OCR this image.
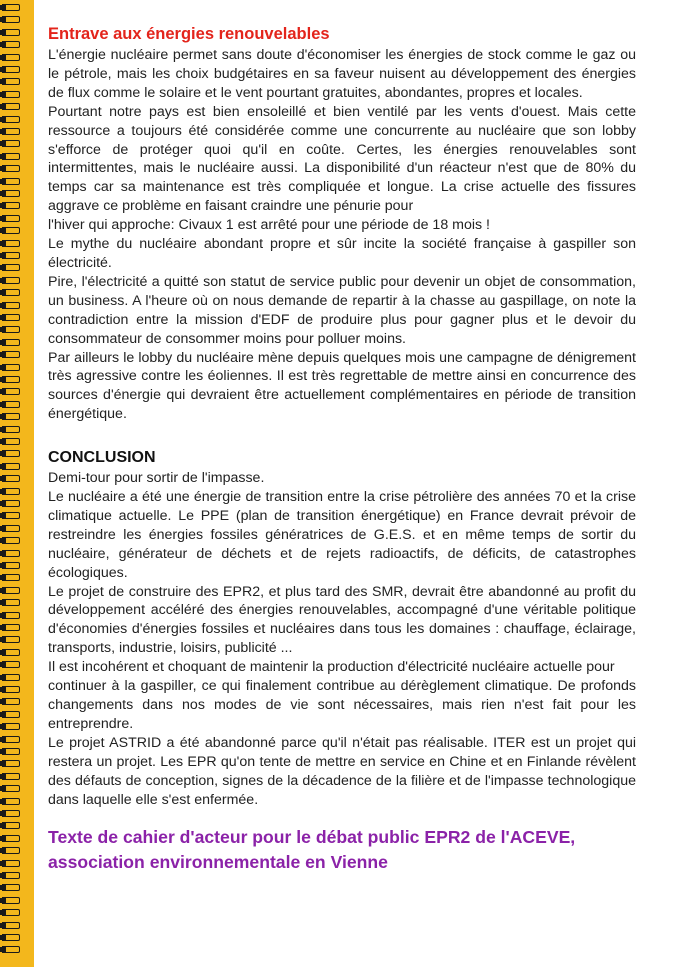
Entrave aux énergies renouvelables

L'énergie nucléaire permet sans doute d'économiser les énergies de stock comme le gaz ou le pétrole, mais les choix budgétaires en sa faveur nuisent au développement des énergies de flux comme le solaire et le vent pourtant gratuites, abondantes, propres et locales.

Pourtant notre pays est bien ensoleillé et bien ventilé par les vents d'ouest. Mais cette ressource a toujours été considérée comme une concurrente au nucléaire que son lobby s'efforce de protéger quoi qu'il en coûte. Certes, les énergies renouvelables sont intermittentes, mais le nucléaire aussi. La disponibilité d'un réacteur n'est que de 80% du temps car sa maintenance est très compliquée et longue. La crise actuelle des fissures aggrave ce problème en faisant craindre une pénurie pour

l'hiver qui approche: Civaux 1 est arrêté pour une période de 18 mois !

Le mythe du nucléaire abondant propre et sûr incite la société française à gaspiller son électricité.

Pire, l'électricité a quitté son statut de service public pour devenir un objet de consommation, un business. A l'heure où on nous demande de repartir à la chasse au gaspillage, on note la contradiction entre la mission d'EDF de produire plus pour gagner plus et le devoir du consommateur de consommer moins pour polluer moins.

Par ailleurs le lobby du nucléaire mène depuis quelques mois une campagne de dénigrement très agressive contre les éoliennes. Il est très regrettable de mettre ainsi en concurrence des sources d'énergie qui devraient être actuellement complémentaires en période de transition énergétique.

CONCLUSION

Demi-tour pour sortir de l'impasse.

Le nucléaire a été une énergie de transition entre la crise pétrolière des années 70 et la crise climatique actuelle. Le PPE (plan de transition énergétique) en France devrait prévoir de restreindre les énergies fossiles génératrices de G.E.S. et en même temps de sortir du nucléaire, générateur de déchets et de rejets radioactifs, de déficits, de catastrophes écologiques.

Le projet de construire des EPR2, et plus tard des SMR, devrait être abandonné au profit du développement accéléré des énergies renouvelables, accompagné d'une véritable politique d'économies d'énergies fossiles et nucléaires dans tous les domaines : chauffage, éclairage, transports, industrie, loisirs, publicité ...

Il est incohérent et choquant de maintenir la production d'électricité nucléaire actuelle pour

continuer à la gaspiller, ce qui finalement contribue au dérèglement climatique. De profonds changements dans nos modes de vie sont nécessaires, mais rien n'est fait pour les entreprendre.

Le projet ASTRID a été abandonné parce qu'il n'était pas réalisable. ITER est un projet qui restera un projet. Les EPR qu'on tente de mettre en service en Chine et en Finlande révèlent des défauts de conception, signes de la décadence de la filière et de l'impasse technologique dans laquelle elle s'est enfermée.

Texte de cahier d'acteur pour le débat public EPR2 de l'ACEVE, association environnementale en Vienne
